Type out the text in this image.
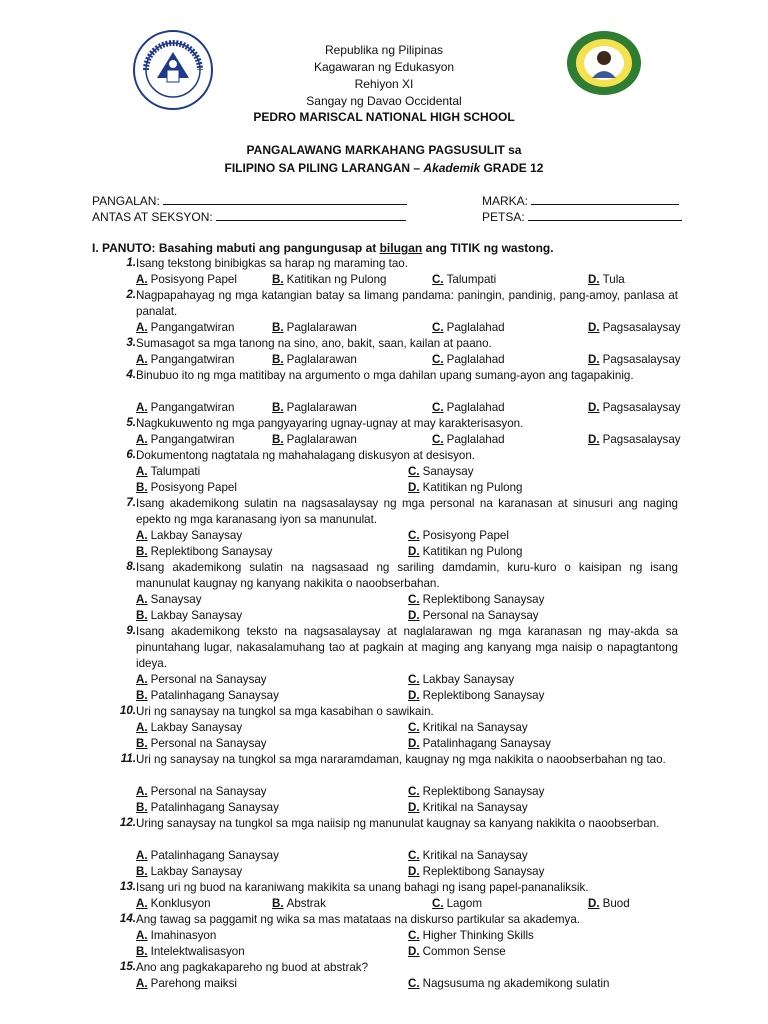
Republika ng Pilipinas
Kagawaran ng Edukasyon
Rehiyon XI
Sangay ng Davao Occidental
PEDRO MARISCAL NATIONAL HIGH SCHOOL
PANGALAWANG MARKAHANG PAGSUSULIT sa
FILIPINO SA PILING LARANGAN – Akademik GRADE 12
PANGALAN:
ANTAS AT SEKSYON:
MARKA:
PETSA:
I. PANUTO: Basahing mabuti ang pangungusap at bilugan ang TITIK ng wastong.
1. Isang tekstong binibigkas sa harap ng maraming tao.
A. Posisyong Papel	B. Katitikan ng Pulong	C. Talumpati	D. Tula
2. Nagpapahayag ng mga katangian batay sa limang pandama: paningin, pandinig, pang-amoy, panlasa at panalat.
A. Pangangatwiran	B. Paglalarawan	C. Paglalahad	D. Pagsasalaysay
3. Sumasagot sa mga tanong na sino, ano, bakit, saan, kailan at paano.
A. Pangangatwiran	B. Paglalarawan	C. Paglalahad	D. Pagsasalaysay
4. Binubuo ito ng mga matitibay na argumento o mga dahilan upang sumang-ayon ang tagapakinig.
A. Pangangatwiran	B. Paglalarawan	C. Paglalahad	D. Pagsasalaysay
5. Nagkukuwento ng mga pangyayaring ugnay-ugnay at may karakterisasyon.
A. Pangangatwiran	B. Paglalarawan	C. Paglalahad	D. Pagsasalaysay
6. Dokumentong nagtatala ng mahahalagang diskusyon at desisyon.
A. Talumpati
B. Posisyong Papel
C. Sanaysay
D. Katitikan ng Pulong
7. Isang akademikong sulatin na nagsasalaysay ng mga personal na karanasan at sinusuri ang naging epekto ng mga karanasang iyon sa manunulat.
A. Lakbay Sanaysay
B. Replektibong Sanaysay
C. Posisyong Papel
D. Katitikan ng Pulong
8. Isang akademikong sulatin na nagsasaad ng sariling damdamin, kuru-kuro o kaisipan ng isang manunulat kaugnay ng kanyang nakikita o naoobserbahan.
A. Sanaysay
B. Lakbay Sanaysay
C. Replektibong Sanaysay
D. Personal na Sanaysay
9. Isang akademikong teksto na nagsasalaysay at naglalarawan ng mga karanasan ng may-akda sa pinuntahang lugar, nakasalamuhang tao at pagkain at maging ang kanyang mga naisip o napagtantong ideya.
A. Personal na Sanaysay
B. Patalinhagang Sanaysay
C. Lakbay Sanaysay
D. Replektibong Sanaysay
10. Uri ng sanaysay na tungkol sa mga kasabihan o sawikain.
A. Lakbay Sanaysay
B. Personal na Sanaysay
C. Kritikal na Sanaysay
D. Patalinhagang Sanaysay
11. Uri ng sanaysay na tungkol sa mga nararamdaman, kaugnay ng mga nakikita o naoobserbahan ng tao.
A. Personal na Sanaysay
B. Patalinhagang Sanaysay
C. Replektibong Sanaysay
D. Kritikal na Sanaysay
12. Uring sanaysay na tungkol sa mga naiisip ng manunulat kaugnay sa kanyang nakikita o naoobserban.
A. Patalinhagang Sanaysay
B. Lakbay Sanaysay
C. Kritikal na Sanaysay
D. Replektibong Sanaysay
13. Isang uri ng buod na karaniwang makikita sa unang bahagi ng isang papel-pananaliksik.
A. Konklusyon	B. Abstrak	C. Lagom	D. Buod
14. Ang tawag sa paggamit ng wika sa mas matataas na diskurso partikular sa akademya.
A. Imahinasyon
B. Intelektwalisasyon
C. Higher Thinking Skills
D. Common Sense
15. Ano ang pagkakapareho ng buod at abstrak?
A. Parehong maiksi	C. Nagsusuma ng akademikong sulatin
